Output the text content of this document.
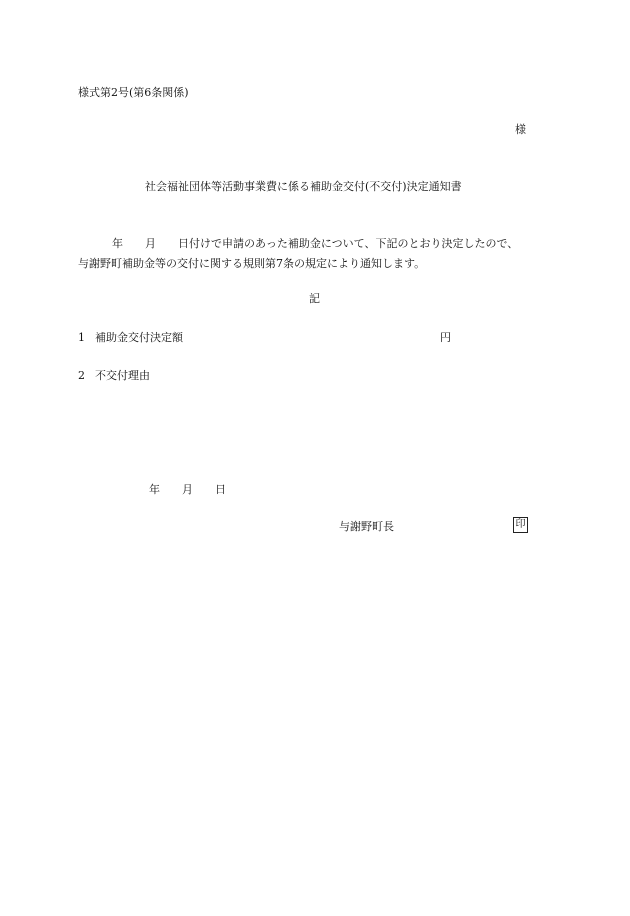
様式第2号(第6条関係)
様
社会福祉団体等活動事業費に係る補助金交付(不交付)決定通知書
年　　月　　日付けで申請のあった補助金について、下記のとおり決定したので、
与謝野町補助金等の交付に関する規則第7条の規定により通知します。
記
1 補助金交付決定額	円
2 不交付理由
年　　月　　日
与謝野町長	印
